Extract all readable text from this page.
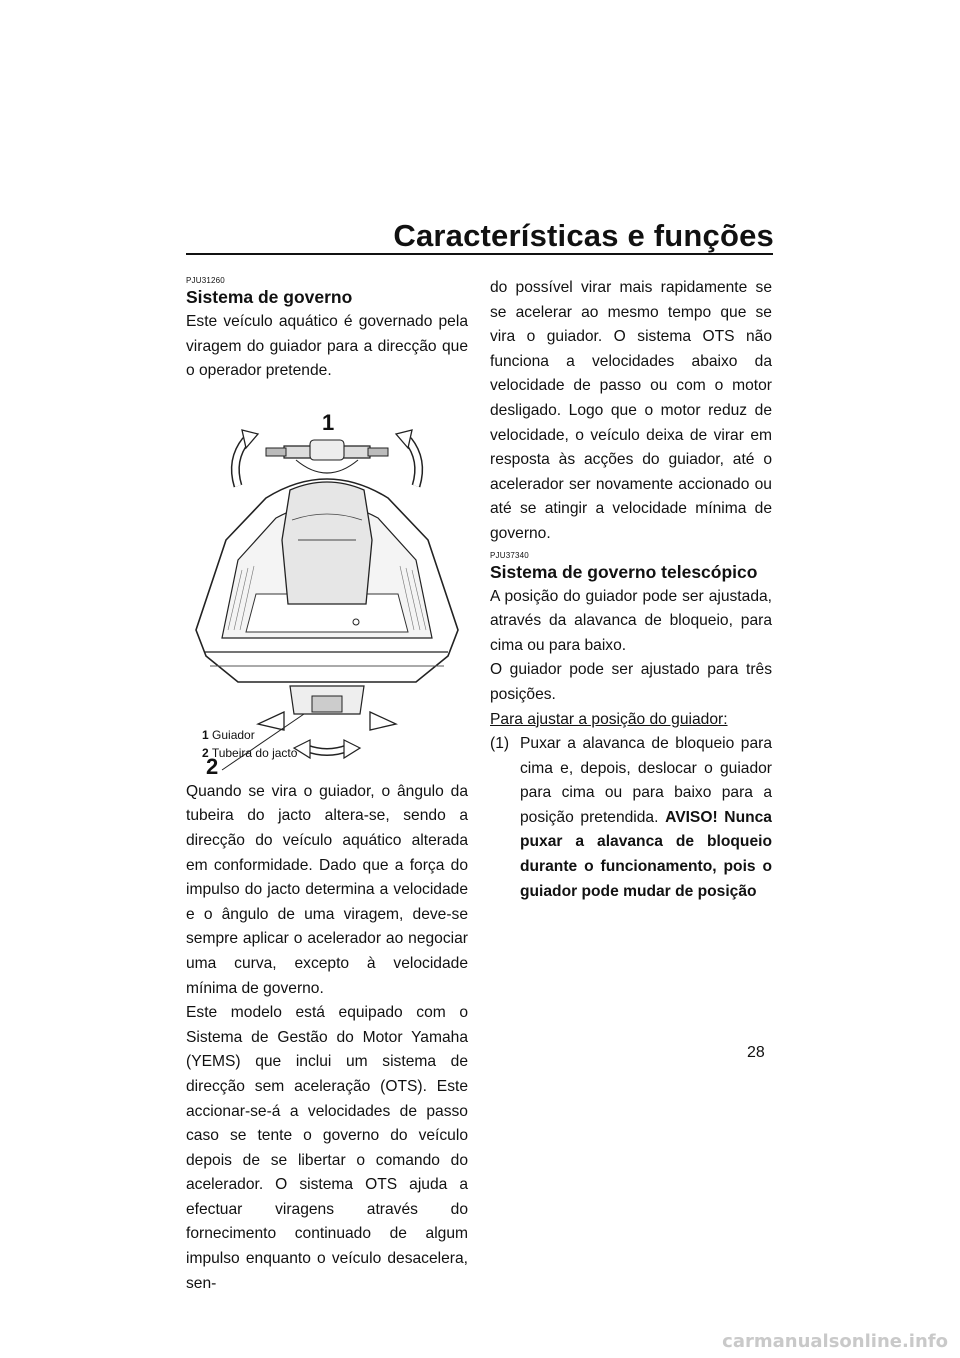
Características e funções
PJU31260
Sistema de governo

Este veículo aquático é governado pela viragem do guiador para a direcção que o operador pretende.

1
2
1 Guiador
2 Tubeira do jacto

Quando se vira o guiador, o ângulo da tubeira do jacto altera-se, sendo a direcção do veículo aquático alterada em conformidade. Dado que a força do impulso do jacto determina a velocidade e o ângulo de uma viragem, deve-se sempre aplicar o acelerador ao negociar uma curva, excepto à velocidade mínima de governo.

Este modelo está equipado com o Sistema de Gestão do Motor Yamaha (YEMS) que inclui um sistema de direcção sem aceleração (OTS). Este accionar-se-á a velocidades de passo caso se tente o governo do veículo depois de se libertar o comando do acelerador. O sistema OTS ajuda a efectuar viragens através do fornecimento continuado de algum impulso enquanto o veículo desacelera, sen-

do possível virar mais rapidamente se se acelerar ao mesmo tempo que se vira o guiador. O sistema OTS não funciona a velocidades abaixo da velocidade de passo ou com o motor desligado. Logo que o motor reduz de velocidade, o veículo deixa de virar em resposta às acções do guiador, até o acelerador ser novamente accionado ou até se atingir a velocidade mínima de governo.

PJU37340
Sistema de governo telescópico

A posição do guiador pode ser ajustada, através da alavanca de bloqueio, para cima ou para baixo.

O guiador pode ser ajustado para três posições.

Para ajustar a posição do guiador:
(1) Puxar a alavanca de bloqueio para cima e, depois, deslocar o guiador para cima ou para baixo para a posição pretendida. AVISO! Nunca puxar a alavanca de bloqueio durante o funcionamento, pois o guiador pode mudar de posição
28
carmanualsonline.info
